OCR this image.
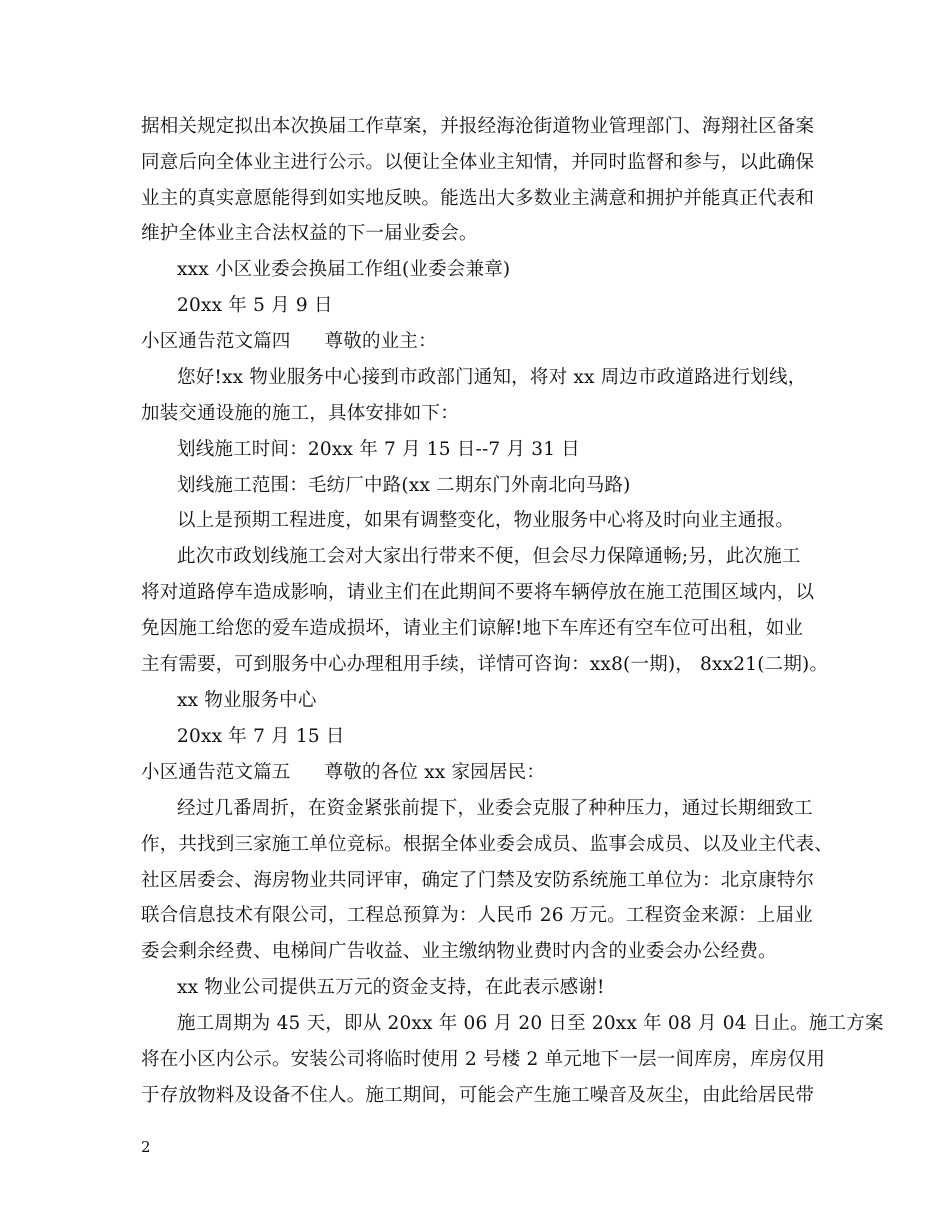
据相关规定拟出本次换届工作草案，并报经海沧街道物业管理部门、海翔社区备案
同意后向全体业主进行公示。以便让全体业主知情，并同时监督和参与，以此确保
业主的真实意愿能得到如实地反映。能选出大多数业主满意和拥护并能真正代表和
维护全体业主合法权益的下一届业委会。
xxx 小区业委会换届工作组(业委会兼章)
20xx 年 5 月 9 日
小区通告范文篇四 尊敬的业主：
您好!xx 物业服务中心接到市政部门通知，将对 xx 周边市政道路进行划线，
加装交通设施的施工，具体安排如下：
划线施工时间：20xx 年 7 月 15 日--7 月 31 日
划线施工范围：毛纺厂中路(xx 二期东门外南北向马路)
以上是预期工程进度，如果有调整变化，物业服务中心将及时向业主通报。
此次市政划线施工会对大家出行带来不便，但会尽力保障通畅;另，此次施工
将对道路停车造成影响，请业主们在此期间不要将车辆停放在施工范围区域内，以
免因施工给您的爱车造成损坏，请业主们谅解!地下车库还有空车位可出租，如业
主有需要，可到服务中心办理租用手续，详情可咨询：xx8(一期)， 8xx21(二期)。
xx 物业服务中心
20xx 年 7 月 15 日
小区通告范文篇五 尊敬的各位 xx 家园居民：
经过几番周折，在资金紧张前提下，业委会克服了种种压力，通过长期细致工
作，共找到三家施工单位竞标。根据全体业委会成员、监事会成员、以及业主代表、
社区居委会、海房物业共同评审，确定了门禁及安防系统施工单位为：北京康特尔
联合信息技术有限公司，工程总预算为：人民币 26 万元。工程资金来源：上届业
委会剩余经费、电梯间广告收益、业主缴纳物业费时内含的业委会办公经费。
xx 物业公司提供五万元的资金支持，在此表示感谢!
施工周期为 45 天，即从 20xx 年 06 月 20 日至 20xx 年 08 月 04 日止。施工方案
将在小区内公示。安装公司将临时使用 2 号楼 2 单元地下一层一间库房，库房仅用
于存放物料及设备不住人。施工期间，可能会产生施工噪音及灰尘，由此给居民带
2
